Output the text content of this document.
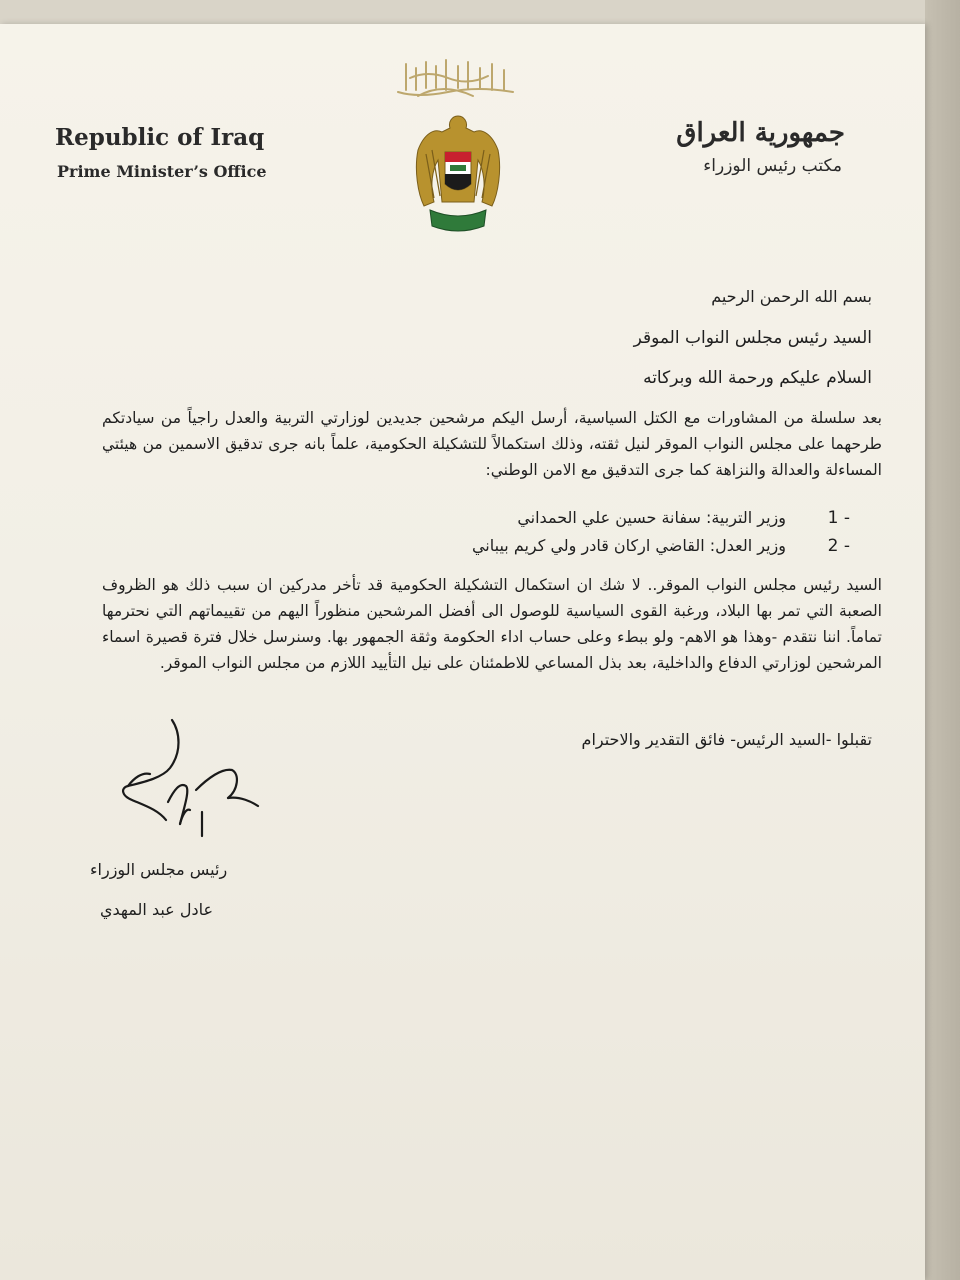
Republic of Iraq
Prime Minister’s Office
جمهورية العراق
مكتب رئيس الوزراء
بسم الله الرحمن الرحيم
السيد رئيس مجلس النواب الموقر
السلام عليكم ورحمة الله وبركاته
بعد سلسلة من المشاورات مع الكتل السياسية، أرسل اليكم مرشحين جديدين لوزارتي التربية والعدل راجياً من سيادتكم طرحهما على مجلس النواب الموقر لنيل ثقته، وذلك استكمالاً للتشكيلة الحكومية، علماً بانه جرى تدقيق الاسمين من هيئتي المساءلة والعدالة والنزاهة كما جرى التدقيق مع الامن الوطني:
1 -
وزير التربية: سفانة حسين علي الحمداني
2 -
وزير العدل: القاضي اركان قادر ولي كريم بيباني
السيد رئيس مجلس النواب الموقر.. لا شك ان استكمال التشكيلة الحكومية قد تأخر مدركين ان سبب ذلك هو الظروف الصعبة التي تمر بها البلاد، ورغبة القوى السياسية للوصول الى أفضل المرشحين منظوراً اليهم من تقييماتهم التي نحترمها تماماً. اننا نتقدم -وهذا هو الاهم- ولو ببطء وعلى حساب اداء الحكومة وثقة الجمهور بها. وسنرسل خلال فترة قصيرة اسماء المرشحين لوزارتي الدفاع والداخلية، بعد بذل المساعي للاطمئنان على نيل التأييد اللازم من مجلس النواب الموقر.
تقبلوا -السيد الرئيس- فائق التقدير والاحترام
رئيس مجلس الوزراء
عادل عبد المهدي
